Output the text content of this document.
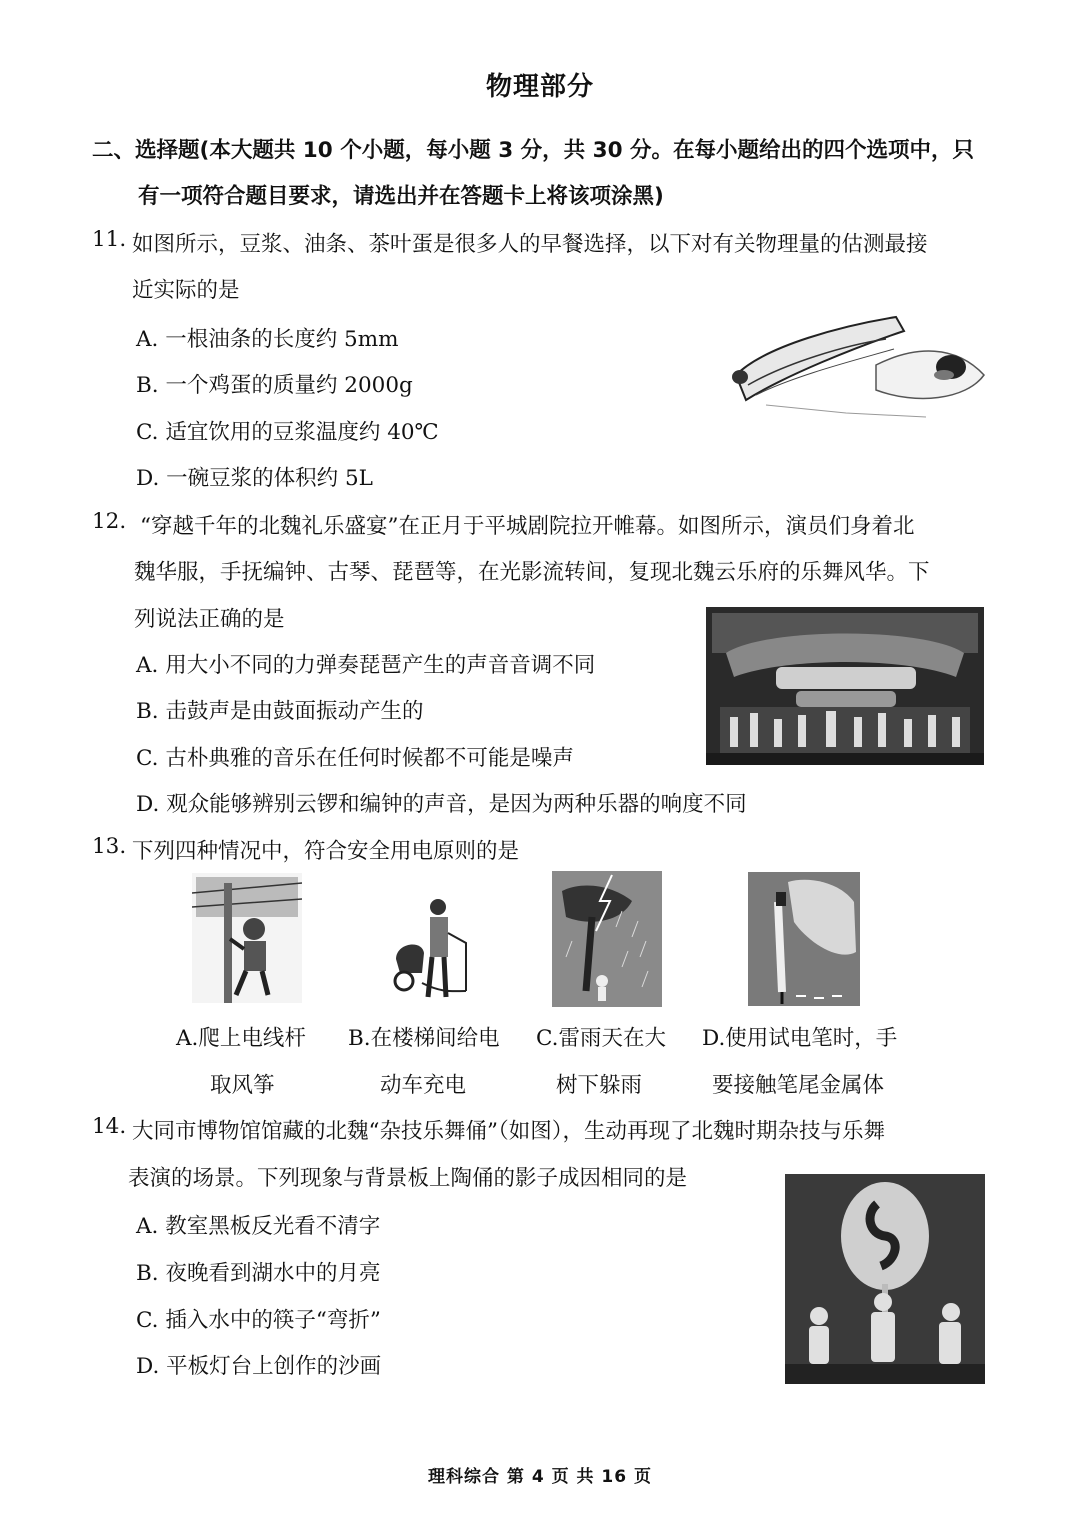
物理部分
二、选择题(本大题共 10 个小题，每小题 3 分，共 30 分。在每小题给出的四个选项中，只
有一项符合题目要求，请选出并在答题卡上将该项涂黑)
11. 如图所示，豆浆、油条、茶叶蛋是很多人的早餐选择，以下对有关物理量的估测最接
近实际的是
A. 一根油条的长度约 5mm
B. 一个鸡蛋的质量约 2000g
C. 适宜饮用的豆浆温度约 40℃
D. 一碗豆浆的体积约 5L
12. “穿越千年的北魏礼乐盛宴”在正月于平城剧院拉开帷幕。如图所示，演员们身着北
魏华服，手抚编钟、古琴、琵琶等，在光影流转间，复现北魏云乐府的乐舞风华。下
列说法正确的是
A. 用大小不同的力弹奏琵琶产生的声音音调不同
B. 击鼓声是由鼓面振动产生的
C. 古朴典雅的音乐在任何时候都不可能是噪声
D. 观众能够辨别云锣和编钟的声音，是因为两种乐器的响度不同
13. 下列四种情况中，符合安全用电原则的是
A.爬上电线杆
取风筝
B.在楼梯间给电
动车充电
C.雷雨天在大
树下躲雨
D.使用试电笔时，手
要接触笔尾金属体
14. 大同市博物馆馆藏的北魏“杂技乐舞俑”（如图），生动再现了北魏时期杂技与乐舞
表演的场景。下列现象与背景板上陶俑的影子成因相同的是
A. 教室黑板反光看不清字
B. 夜晚看到湖水中的月亮
C. 插入水中的筷子“弯折”
D. 平板灯台上创作的沙画
理科综合 第 4 页 共 16 页
